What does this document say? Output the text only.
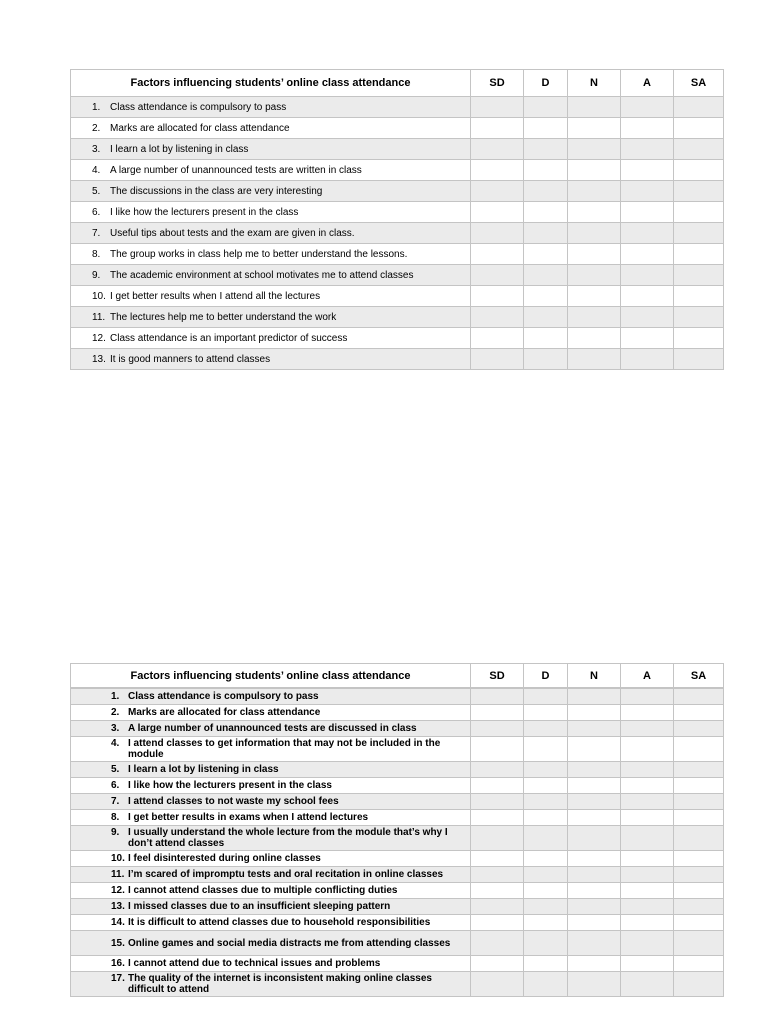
Factors influencing students’ online class attendance	SD	D	N	A	SA
1. Class attendance is compulsory to pass					
2. Marks are allocated for class attendance					
3. I learn a lot by listening in class					
4. A large number of unannounced tests are written in class					
5. The discussions in the class are very interesting					
6. I like how the lecturers present in the class					
7. Useful tips about tests and the exam are given in class.					
8. The group works in class help me to better understand the lessons.					
9. The academic environment at school motivates me to attend classes					
10. I get better results when I attend all the lectures					
11. The lectures help me to better understand the work					
12. Class attendance is an important predictor of success					
13. It is good manners to attend classes					
Factors influencing students’ online class attendance	SD	D	N	A	SA

1. Class attendance is compulsory to pass					

2. Marks are allocated for class attendance					

3. A large number of unannounced tests are discussed in class					

4. I attend classes to get information that may not be included in the module					

5. I learn a lot by listening in class					

6. I like how the lecturers present in the class					

7. I attend classes to not waste my school fees					

8. I get better results in exams when I attend lectures					

9. I usually understand the whole lecture from the module that’s why I don’t attend classes					

10. I feel disinterested during online classes					

11. I’m scared of impromptu tests and oral recitation in online classes					

12. I cannot attend classes due to multiple conflicting duties					

13. I missed classes due to an insufficient sleeping pattern					

14. It is difficult to attend classes due to household responsibilities					

15. Online games and social media distracts me from attending classes					

16. I cannot attend due to technical issues and problems					

17. The quality of the internet is inconsistent making online classes difficult to attend					
